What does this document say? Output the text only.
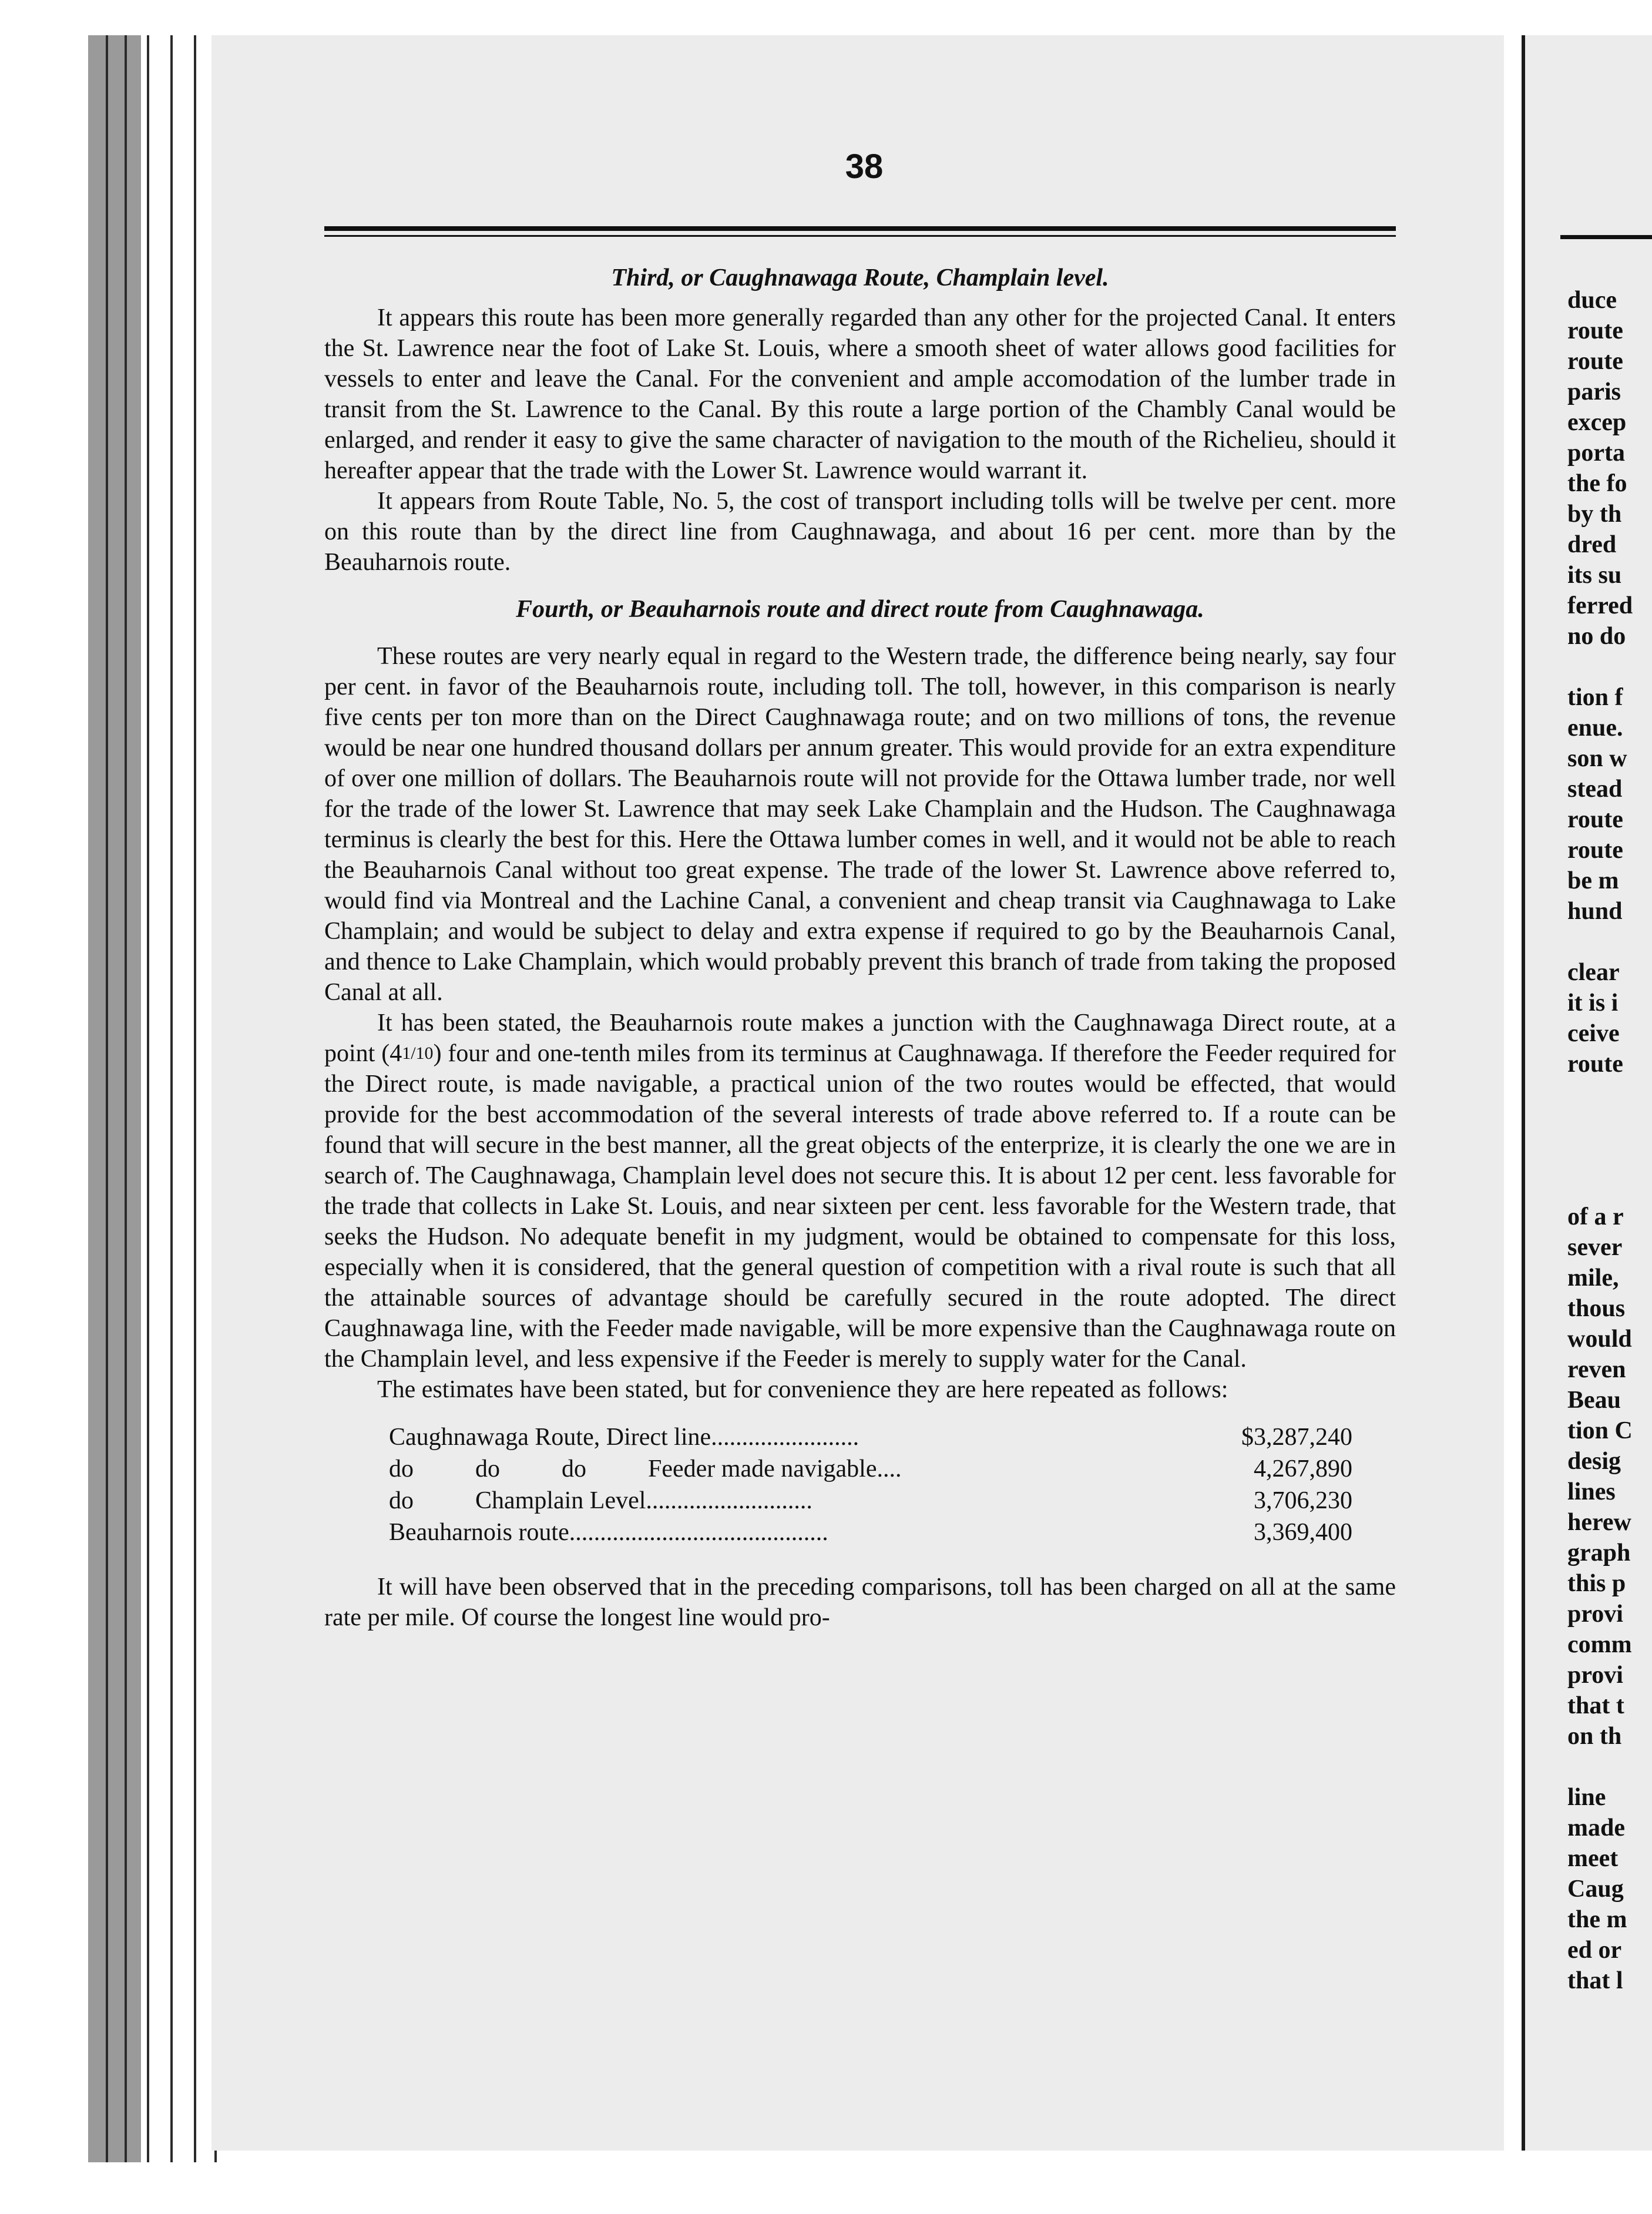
38
Third, or Caughnawaga Route, Champlain level.

It appears this route has been more generally regarded than any other for the projected Canal. It enters the St. Lawrence near the foot of Lake St. Louis, where a smooth sheet of water allows good facilities for vessels to enter and leave the Canal. For the convenient and ample accomodation of the lumber trade in transit from the St. Lawrence to the Canal. By this route a large portion of the Chambly Canal would be enlarged, and render it easy to give the same character of navigation to the mouth of the Richelieu, should it hereafter appear that the trade with the Lower St. Lawrence would warrant it.

It appears from Route Table, No. 5, the cost of transport including tolls will be twelve per cent. more on this route than by the direct line from Caughnawaga, and about 16 per cent. more than by the Beauharnois route.

Fourth, or Beauharnois route and direct route from Caughnawaga.

These routes are very nearly equal in regard to the Western trade, the difference being nearly, say four per cent. in favor of the Beauharnois route, including toll. The toll, however, in this comparison is nearly five cents per ton more than on the Direct Caughnawaga route; and on two millions of tons, the revenue would be near one hundred thousand dollars per annum greater. This would provide for an extra expenditure of over one million of dollars. The Beauharnois route will not provide for the Ottawa lumber trade, nor well for the trade of the lower St. Lawrence that may seek Lake Champlain and the Hudson. The Caughnawaga terminus is clearly the best for this. Here the Ottawa lumber comes in well, and it would not be able to reach the Beauharnois Canal without too great expense. The trade of the lower St. Lawrence above referred to, would find via Montreal and the Lachine Canal, a convenient and cheap transit via Caughnawaga to Lake Champlain; and would be subject to delay and extra expense if required to go by the Beauharnois Canal, and thence to Lake Champlain, which would probably prevent this branch of trade from taking the proposed Canal at all.

It has been stated, the Beauharnois route makes a junction with the Caughnawaga Direct route, at a point (41/10) four and one-tenth miles from its terminus at Caughnawaga. If therefore the Feeder required for the Direct route, is made navigable, a practical union of the two routes would be effected, that would provide for the best accommodation of the several interests of trade above referred to. If a route can be found that will secure in the best manner, all the great objects of the enterprize, it is clearly the one we are in search of. The Caughnawaga, Champlain level does not secure this. It is about 12 per cent. less favorable for the trade that collects in Lake St. Louis, and near sixteen per cent. less favorable for the Western trade, that seeks the Hudson. No adequate benefit in my judgment, would be obtained to compensate for this loss, especially when it is considered, that the general question of competition with a rival route is such that all the attainable sources of advantage should be carefully secured in the route adopted. The direct Caughnawaga line, with the Feeder made navigable, will be more expensive than the Caughnawaga route on the Champlain level, and less expensive if the Feeder is merely to supply water for the Canal.

The estimates have been stated, but for convenience they are here repeated as follows:

Caughnawaga Route, Direct line........................	$3,287,240
do          do          do          Feeder made navigable....	4,267,890
do          Champlain Level...........................	3,706,230
Beauharnois route..........................................	3,369,400

It will have been observed that in the preceding comparisons, toll has been charged on all at the same rate per mile. Of course the longest line would pro-

duce
route
route
paris
excep
porta
the fo
by th
dred
its su
ferred
no do
tion f
enue.
son w
stead
route
route
be m
hund
clear
it is i
ceive
route
of a r
sever
mile,
thous
would
reven
Beau
tion C
desig
lines
herew
graph
this p
provi
comm
provi
that t
on th
line
made
meet
Caug
the m
ed or
that l
